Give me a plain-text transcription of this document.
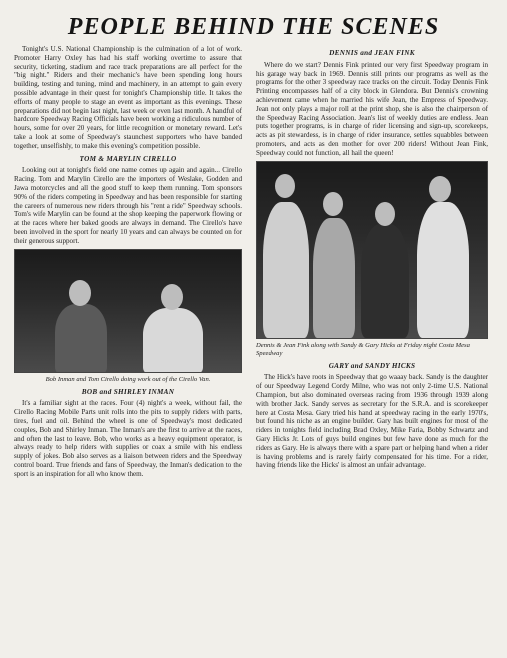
PEOPLE BEHIND THE SCENES

Tonight's U.S. National Championship is the culmination of a lot of work. Promoter Harry Oxley has had his staff working overtime to assure that security, ticketing, stadium and race track preparations are all perfect for the "big night." Riders and their mechanic's have been spending long hours building, testing and tuning, mind and machinery, in an attempt to gain every possible advantage in their quest for tonight's Championship title. It takes the efforts of many people to stage an event as important as this evenings. These preparations did not begin last night, last week or even last month. A handful of hardcore Speedway Racing Officials have been working a ridiculous number of hours, some for over 20 years, for little recognition or monetary reward. Let's take a look at some of Speedway's staunchest supporters who have banded together, unselfishly, to make this evening's competition possible.

TOM & MARYLIN CIRELLO

Looking out at tonight's field one name comes up again and again... Cirello Racing. Tom and Marylin Cirello are the importers of Weslake, Godden and Jawa motorcycles and all the good stuff to keep them running. Tom sponsors 90% of the riders competing in Speedway and has been responsible for starting the careers of numerous new riders through his "rent a ride" Speedway schools. Tom's wife Marylin can be found at the shop keeping the paperwork flowing or at the races where her baked goods are always in demand. The Cirello's have been involved in the sport for nearly 10 years and can always be counted on for their generous support.

Bob Inman and Tom Cirello doing work out of the Cirello Van.
BOB and SHIRLEY INMAN

It's a familiar sight at the races. Four (4) night's a week, without fail, the Cirello Racing Mobile Parts unit rolls into the pits to supply riders with parts, tires, fuel and oil. Behind the wheel is one of Speedway's most dedicated couples, Bob and Shirley Inman. The Inman's are the first to arrive at the races, and often the last to leave. Bob, who works as a heavy equipment operator, is always ready to help riders with supplies or coax a smile with his endless supply of jokes. Bob also serves as a liaison between riders and the Speedway control board. True friends and fans of Speedway, the Inman's dedication to the sport is an inspiration for all who know them.

DENNIS and JEAN FINK

Where do we start? Dennis Fink printed our very first Speedway program in his garage way back in 1969. Dennis still prints our programs as well as the programs for the other 3 speedway race tracks on the circuit. Today Dennis Fink Printing encompasses half of a city block in Glendora. But Dennis's crowning achievement came when he married his wife Jean, the Empress of Speedway. Jean not only plays a major roll at the print shop, she is also the chairperson of the Speedway Racing Association. Jean's list of weekly duties are endless. Jean puts together programs, is in charge of rider licensing and sign-up, scorekeeps, acts as pit stewardess, is in charge of rider insurance, settles squabbles between promoters, and acts as den mother for over 200 riders! Without Jean Fink, Speedway could not function, all hail the queen!

Dennis & Jean Fink along with Sandy & Gary Hicks at Friday night Costa Mesa Speedway
GARY and SANDY HICKS

The Hick's have roots in Speedway that go waaay back. Sandy is the daughter of our Speedway Legend Cordy Milne, who was not only 2-time U.S. National Champion, but also dominated overseas racing from 1936 through 1939 along with brother Jack. Sandy serves as secretary for the S.R.A. and is scorekeeper here at Costa Mesa. Gary tried his hand at speedway racing in the early 1970's, but found his niche as an engine builder. Gary has built engines for most of the riders in tonights field including Brad Oxley, Mike Faria, Bobby Schwartz and Gary Hicks Jr. Lots of guys build engines but few have done as much for the riders as Gary. He is always there with a spare part or helping hand when a rider is having problems and is rarely fairly compensated for his time. For a rider, having friends like the Hicks' is almost an unfair advantage.
